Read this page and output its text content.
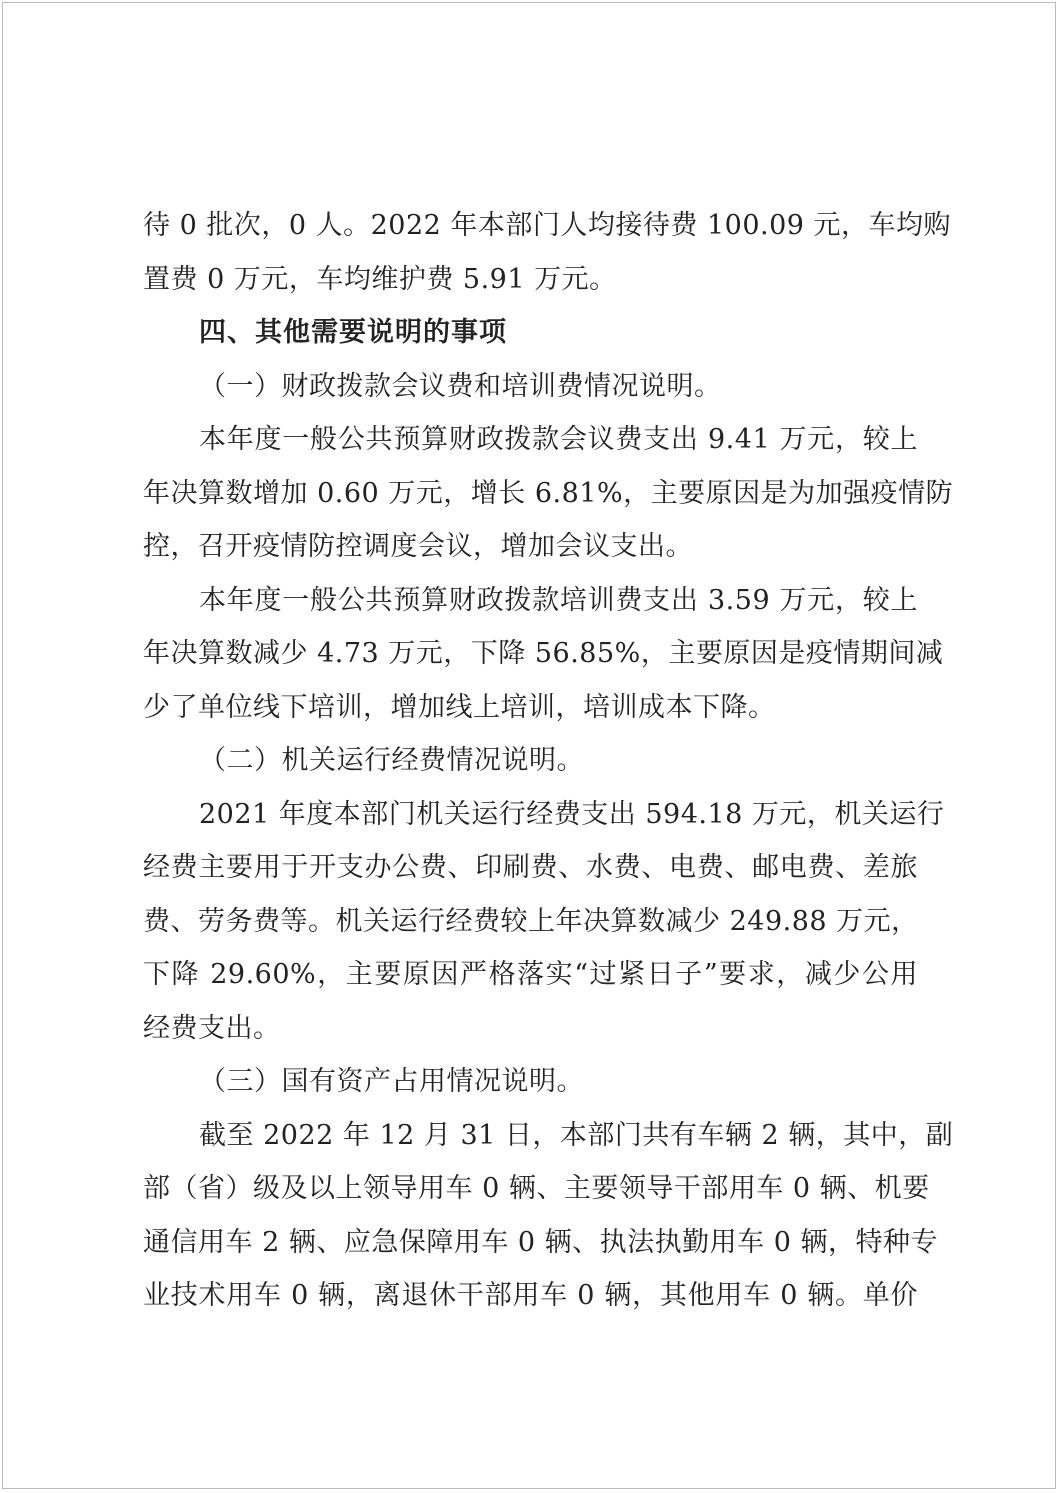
待 0 批次，0 人。2022 年本部门人均接待费 100.09 元，车均购
置费 0 万元，车均维护费 5.91 万元。
四、其他需要说明的事项
（一）财政拨款会议费和培训费情况说明。
本年度一般公共预算财政拨款会议费支出 9.41 万元，较上
年决算数增加 0.60 万元，增长 6.81%，主要原因是为加强疫情防
控，召开疫情防控调度会议，增加会议支出。
本年度一般公共预算财政拨款培训费支出 3.59 万元，较上
年决算数减少 4.73 万元，下降 56.85%，主要原因是疫情期间减
少了单位线下培训，增加线上培训，培训成本下降。
（二）机关运行经费情况说明。
2021 年度本部门机关运行经费支出 594.18 万元，机关运行
经费主要用于开支办公费、印刷费、水费、电费、邮电费、差旅
费、劳务费等。机关运行经费较上年决算数减少 249.88 万元，
下降 29.60%，主要原因严格落实“过紧日子”要求，减少公用
经费支出。
（三）国有资产占用情况说明。
截至 2022 年 12 月 31 日，本部门共有车辆 2 辆，其中，副
部（省）级及以上领导用车 0 辆、主要领导干部用车 0 辆、机要
通信用车 2 辆、应急保障用车 0 辆、执法执勤用车 0 辆，特种专
业技术用车 0 辆，离退休干部用车 0 辆，其他用车 0 辆。单价
